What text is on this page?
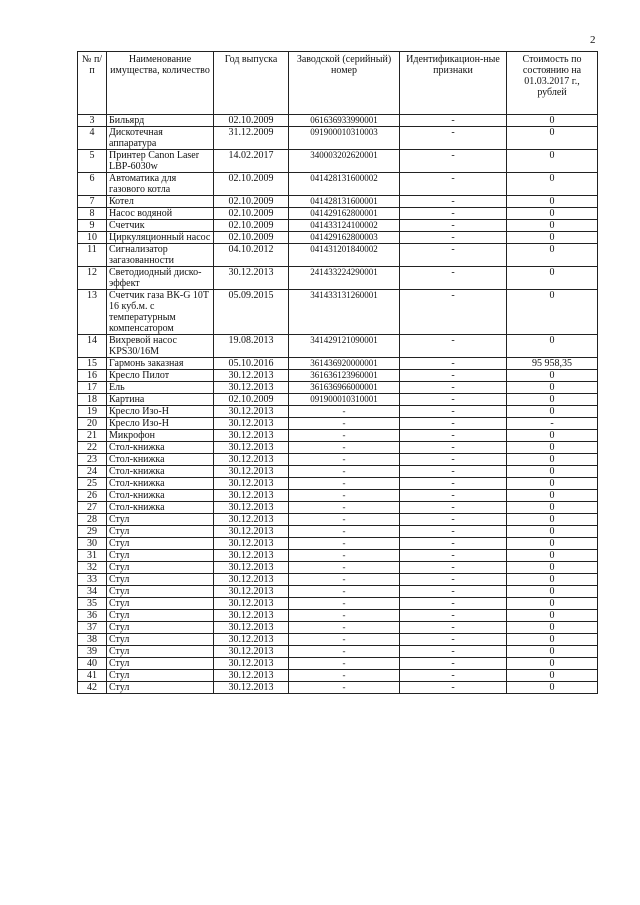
2
№ п/п	Наименование имущества, количество	Год выпуска	Заводской (серийный) номер	Идентификацион-ные признаки	Стоимость по состоянию на 01.03.2017 г., рублей
3	Бильярд	02.10.2009	061636933990001	-	0
4	Дискотечная аппаратура	31.12.2009	091900010310003	-	0
5	Принтер Canon Laser LBP-6030w	14.02.2017	340003202620001	-	0
6	Автоматика для газового котла	02.10.2009	041428131600002	-	0
7	Котел	02.10.2009	041428131600001	-	0
8	Насос водяной	02.10.2009	041429162800001	-	0
9	Счетчик	02.10.2009	041433124100002	-	0
10	Циркуляционный насос	02.10.2009	041429162800003	-	0
11	Сигнализатор загазованности	04.10.2012	041431201840002	-	0
12	Светодиодный диско- эффект	30.12.2013	241433224290001	-	0
13	Счетчик газа ВК-G 10Т 16 куб.м. с температурным компенсатором	05.09.2015	341433131260001	-	0
14	Вихревой насос KPS30/16M	19.08.2013	341429121090001	-	0
15	Гармонь заказная	05.10.2016	361436920000001	-	95 958,35
16	Кресло Пилот	30.12.2013	361636123960001	-	0
17	Ель	30.12.2013	361636966000001	-	0
18	Картина	02.10.2009	091900010310001	-	0
19	Кресло Изо-Н	30.12.2013	-	-	0
20	Кресло Изо-Н	30.12.2013	-	-	-
21	Микрофон	30.12.2013	-	-	0
22	Стол-книжка	30.12.2013	-	-	0
23	Стол-книжка	30.12.2013	-	-	0
24	Стол-книжка	30.12.2013	-	-	0
25	Стол-книжка	30.12.2013	-	-	0
26	Стол-книжка	30.12.2013	-	-	0
27	Стол-книжка	30.12.2013	-	-	0
28	Стул	30.12.2013	-	-	0
29	Стул	30.12.2013	-	-	0
30	Стул	30.12.2013	-	-	0
31	Стул	30.12.2013	-	-	0
32	Стул	30.12.2013	-	-	0
33	Стул	30.12.2013	-	-	0
34	Стул	30.12.2013	-	-	0
35	Стул	30.12.2013	-	-	0
36	Стул	30.12.2013	-	-	0
37	Стул	30.12.2013	-	-	0
38	Стул	30.12.2013	-	-	0
39	Стул	30.12.2013	-	-	0
40	Стул	30.12.2013	-	-	0
41	Стул	30.12.2013	-	-	0
42	Стул	30.12.2013	-	-	0
